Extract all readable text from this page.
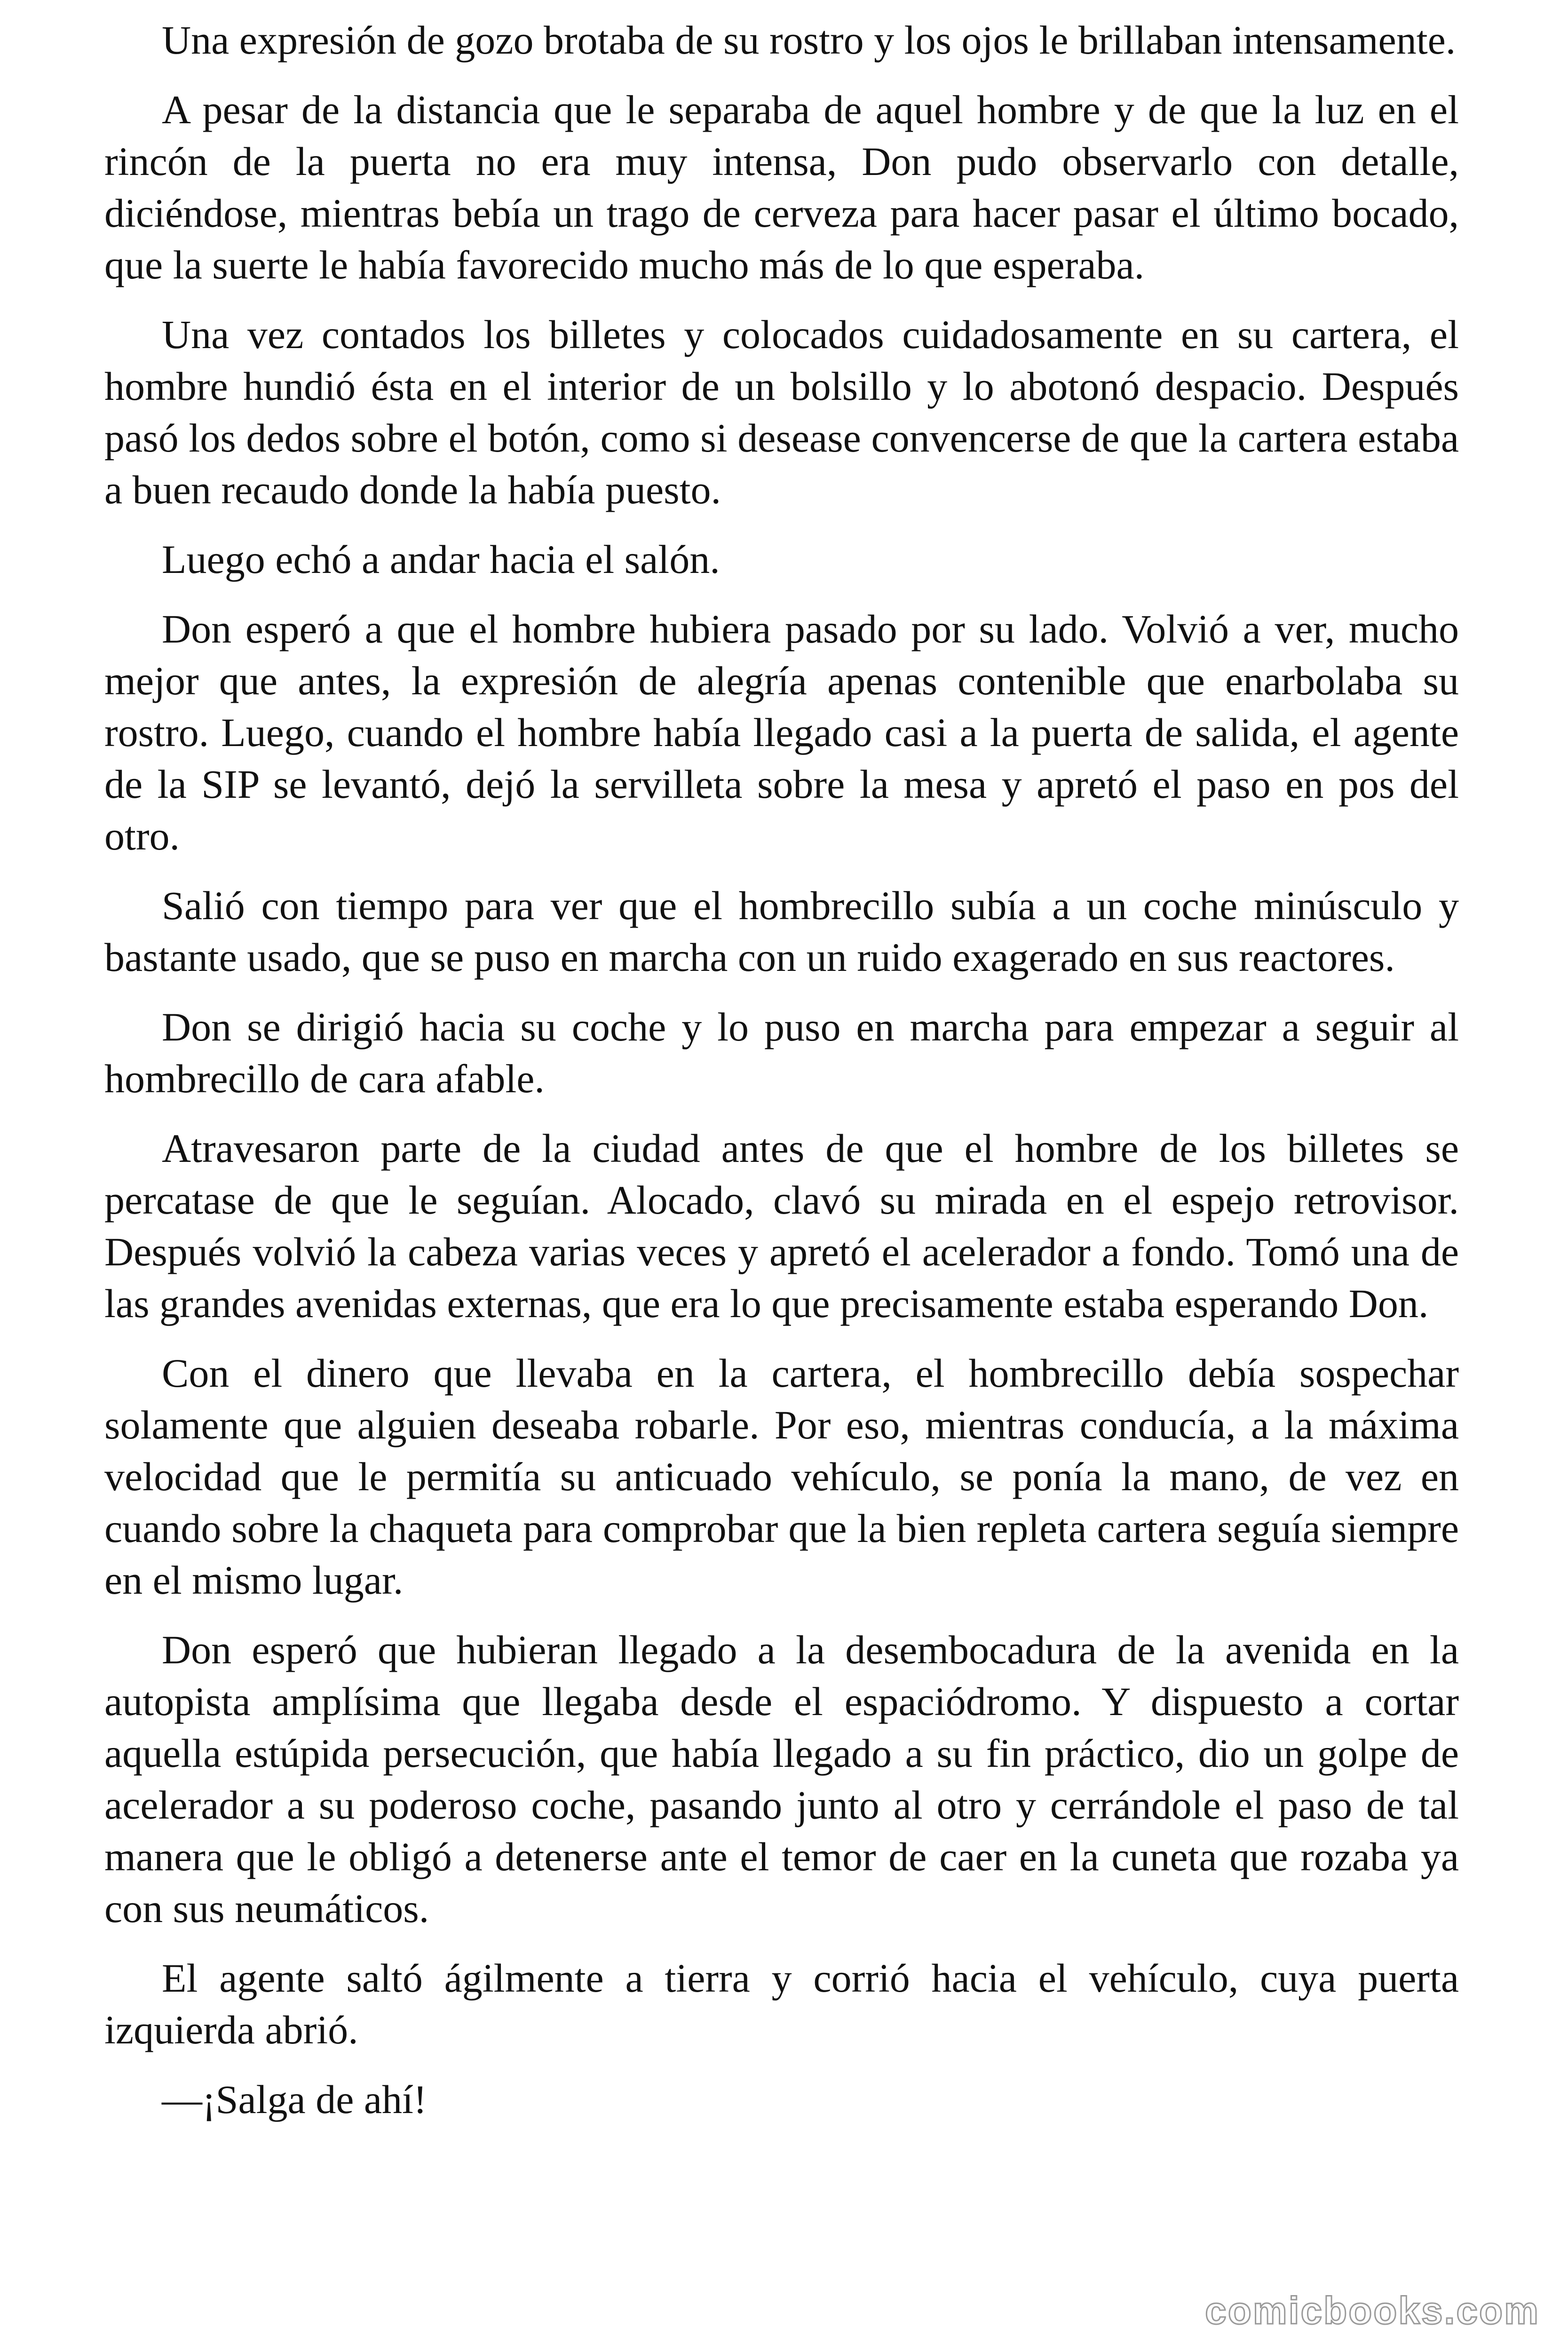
Una expresión de gozo brotaba de su rostro y los ojos le brillaban intensamente.

A pesar de la distancia que le separaba de aquel hombre y de que la luz en el rincón de la puerta no era muy intensa, Don pudo observarlo con detalle, diciéndose, mientras bebía un trago de cerveza para hacer pasar el último bocado, que la suerte le había favorecido mucho más de lo que esperaba.

Una vez contados los billetes y colocados cuidadosamente en su cartera, el hombre hundió ésta en el interior de un bolsillo y lo abotonó despacio. Después pasó los dedos sobre el botón, como si desease convencerse de que la cartera estaba a buen recaudo donde la había puesto.

Luego echó a andar hacia el salón.

Don esperó a que el hombre hubiera pasado por su lado. Volvió a ver, mucho mejor que antes, la expresión de alegría apenas contenible que enarbolaba su rostro. Luego, cuando el hombre había llegado casi a la puerta de salida, el agente de la SIP se levantó, dejó la servilleta sobre la mesa y apretó el paso en pos del otro.

Salió con tiempo para ver que el hombrecillo subía a un coche minúsculo y bastante usado, que se puso en marcha con un ruido exagerado en sus reactores.

Don se dirigió hacia su coche y lo puso en marcha para empezar a seguir al hombrecillo de cara afable.

Atravesaron parte de la ciudad antes de que el hombre de los billetes se percatase de que le seguían. Alocado, clavó su mirada en el espejo retrovisor. Después volvió la cabeza varias veces y apretó el acelerador a fondo. Tomó una de las grandes avenidas externas, que era lo que precisamente estaba esperando Don.

Con el dinero que llevaba en la cartera, el hombrecillo debía sospechar solamente que alguien deseaba robarle. Por eso, mientras conducía, a la máxima velocidad que le permitía su anticuado vehículo, se ponía la mano, de vez en cuando sobre la chaqueta para comprobar que la bien repleta cartera seguía siempre en el mismo lugar.

Don esperó que hubieran llegado a la desembocadura de la avenida en la autopista amplísima que llegaba desde el espaciódromo. Y dispuesto a cortar aquella estúpida persecución, que había llegado a su fin práctico, dio un golpe de acelerador a su poderoso coche, pasando junto al otro y cerrándole el paso de tal manera que le obligó a detenerse ante el temor de caer en la cuneta que rozaba ya con sus neumáticos.

El agente saltó ágilmente a tierra y corrió hacia el vehículo, cuya puerta izquierda abrió.

—¡Salga de ahí!

comicbooks.com
